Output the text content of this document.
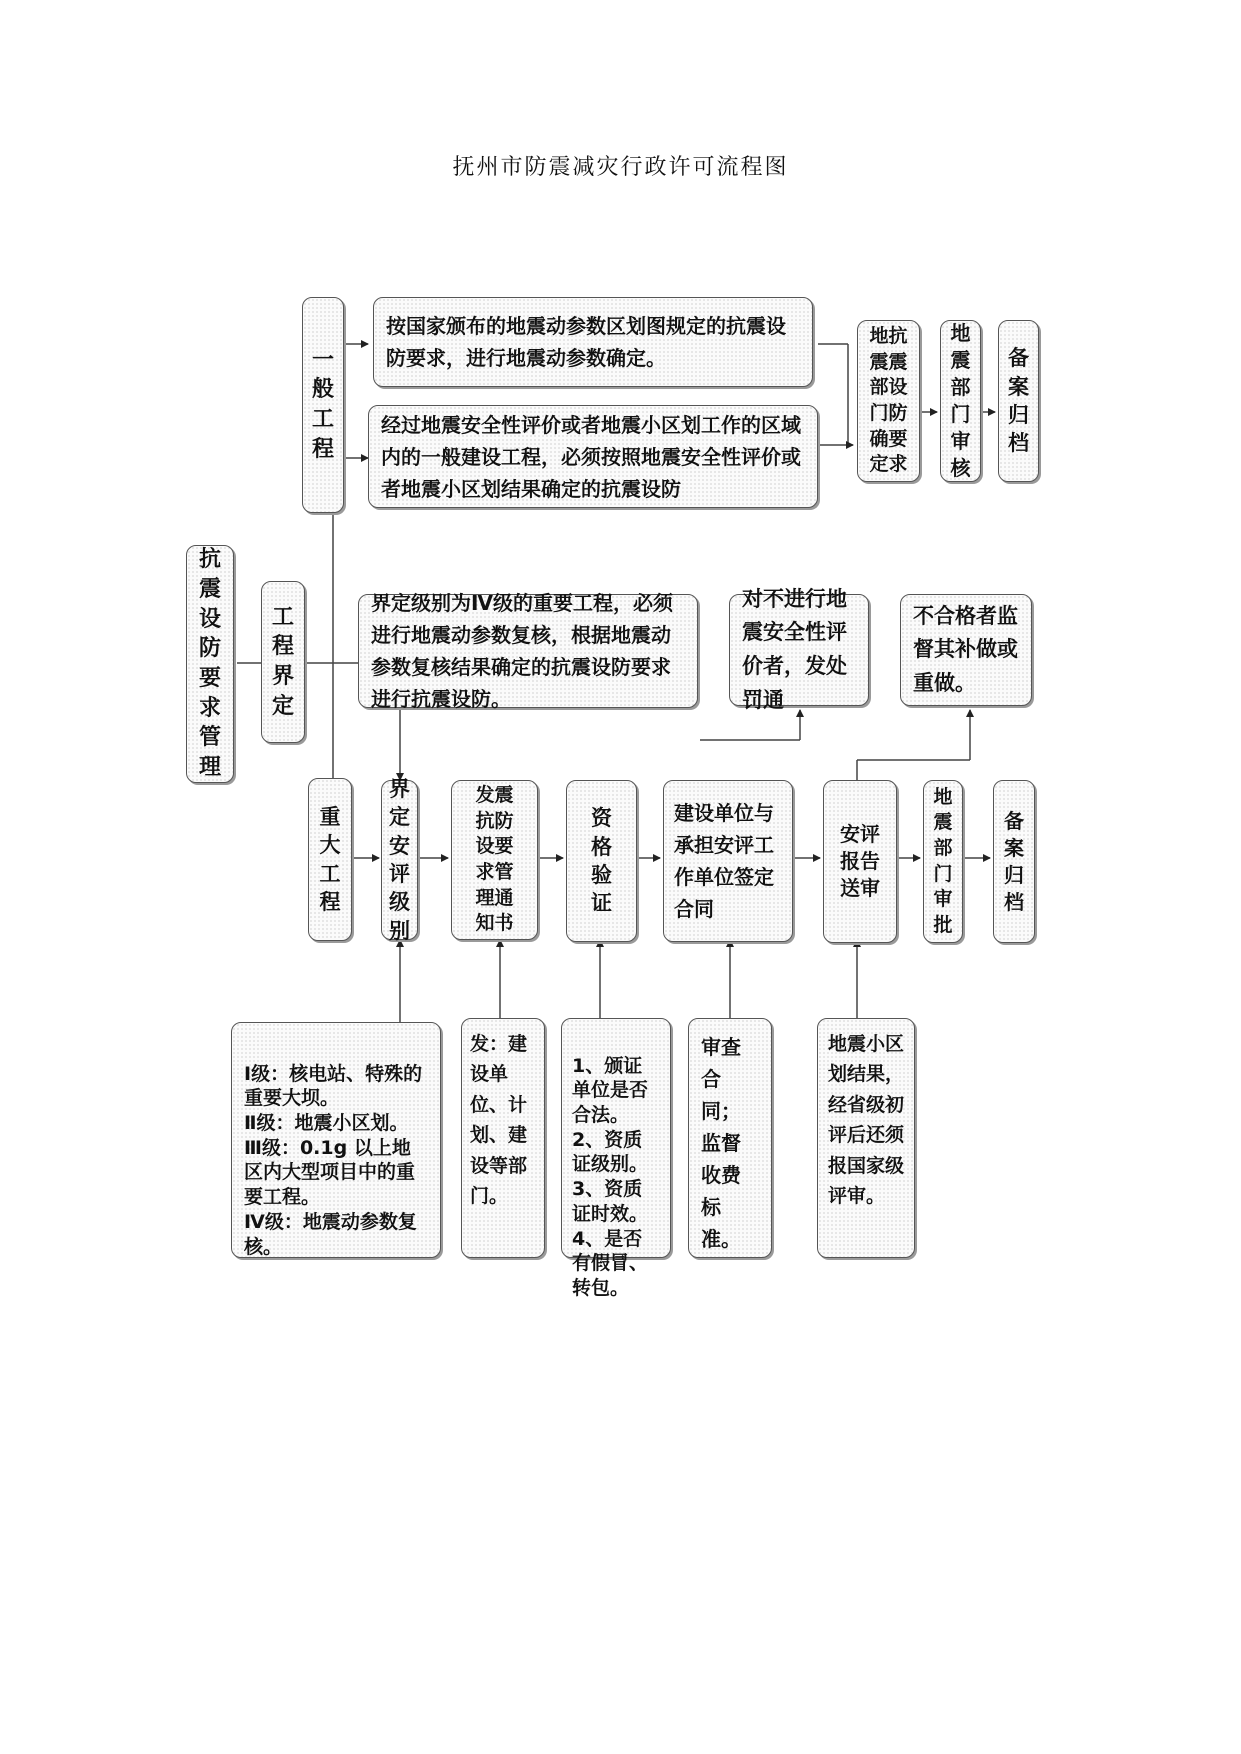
抚州市防震减灾行政许可流程图
抗震设防要求管理
工程界定
一般工程
按国家颁布的地震动参数区划图规定的抗震设防要求，进行地震动参数确定。
经过地震安全性评价或者地震小区划工作的区域内的一般建设工程，必须按照地震安全性评价或者地震小区划结果确定的抗震设防
地抗震震部设门防确要定求
地震部门审核
备案归档
界定级别为Ⅳ级的重要工程，必须进行地震动参数复核，根据地震动参数复核结果确定的抗震设防要求进行抗震设防。
对不进行地震安全性评价者，发处罚通
不合格者监督其补做或重做。
重大工程
界定安评级别
发震抗防设要求管理通知书
资格验证
建设单位与承担安评工作单位签定合同
安评报告送审
地震部门审批
备案归档

Ⅰ级：核电站、特殊的重要大坝。
Ⅱ级：地震小区划。
Ⅲ级：0.1g 以上地区内大型项目中的重要工程。
Ⅳ级：地震动参数复核。

发：建设单位、计划、建设等部门。

1、颁证单位是否合法。
2、资质证级别。
3、资质证时效。
4、是否有假冒、转包。

审查合同；监督收费标准。
地震小区划结果，经省级初评后还须报国家级评审。
